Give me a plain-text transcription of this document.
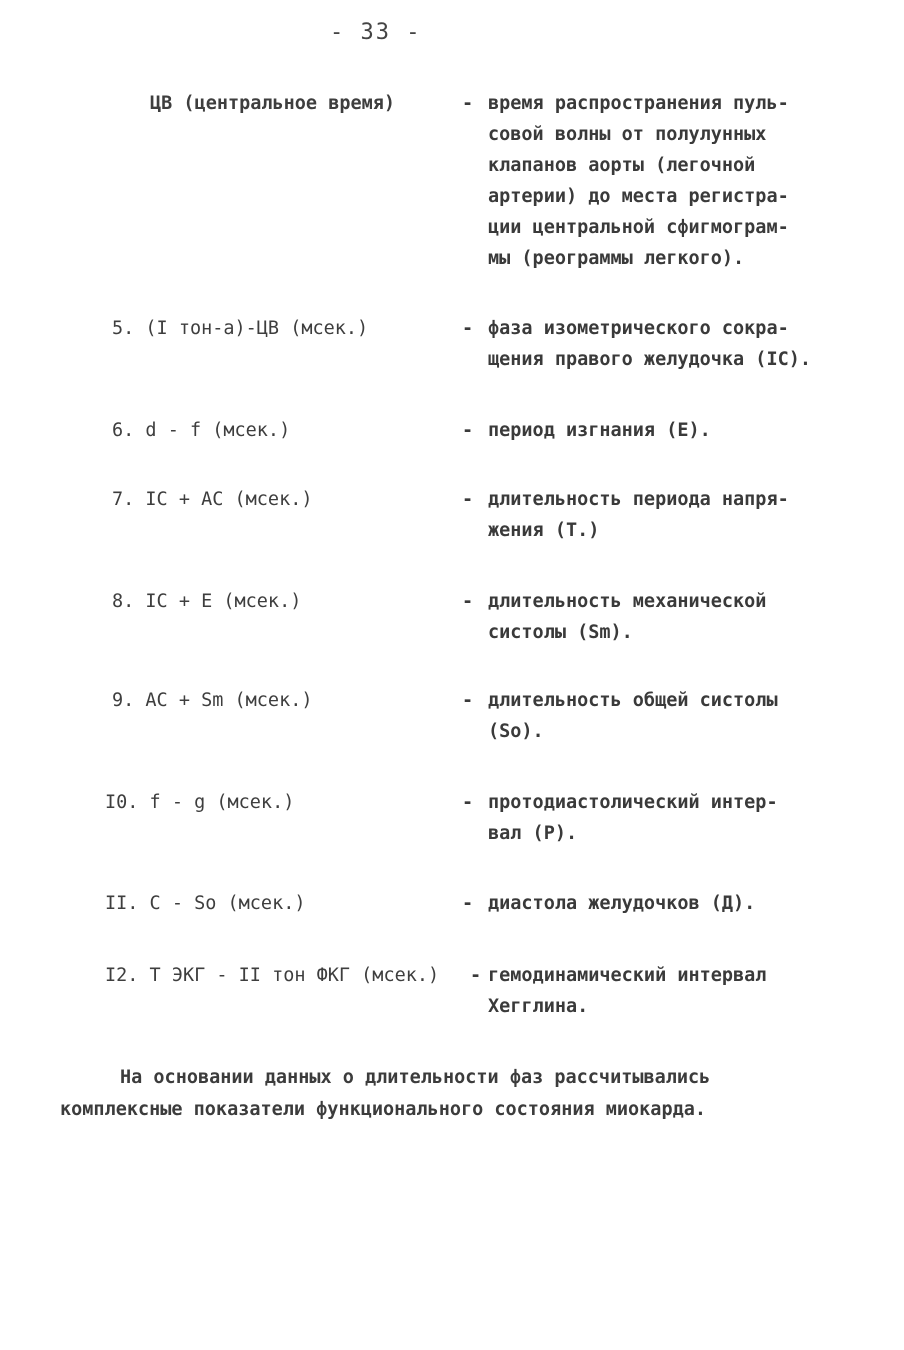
- 33 -
ЦВ (центральное время)	- время распространения пуль-
совой волны от полулунных
клапанов аорты (легочной
артерии) до места регистра-
ции центральной сфигмограм-
мы (реограммы легкого).
5. (I тон-а)-ЦВ (мсек.)	- фаза изометрического сокра-
щения правого желудочка (IC).
6. d - f (мсек.)	- период изгнания (Е).
7. IC + AC (мсек.)	- длительность периода напря-
жения (Т.)
8. IC + E (мсек.)	- длительность механической
систолы (Sm).
9. AC + Sm (мсек.)	- длительность общей систолы
(So).
I0. f - g (мсек.)	- протодиастолический интер-
вал (Р).
II. C - So (мсек.)	- диастола желудочков (Д).
I2. Т ЭКГ - II тон ФКГ (мсек.) - гемодинамический интервал
Хегглина.
На основании данных о длительности фаз рассчитывались
комплексные показатели функционального состояния миокарда.
